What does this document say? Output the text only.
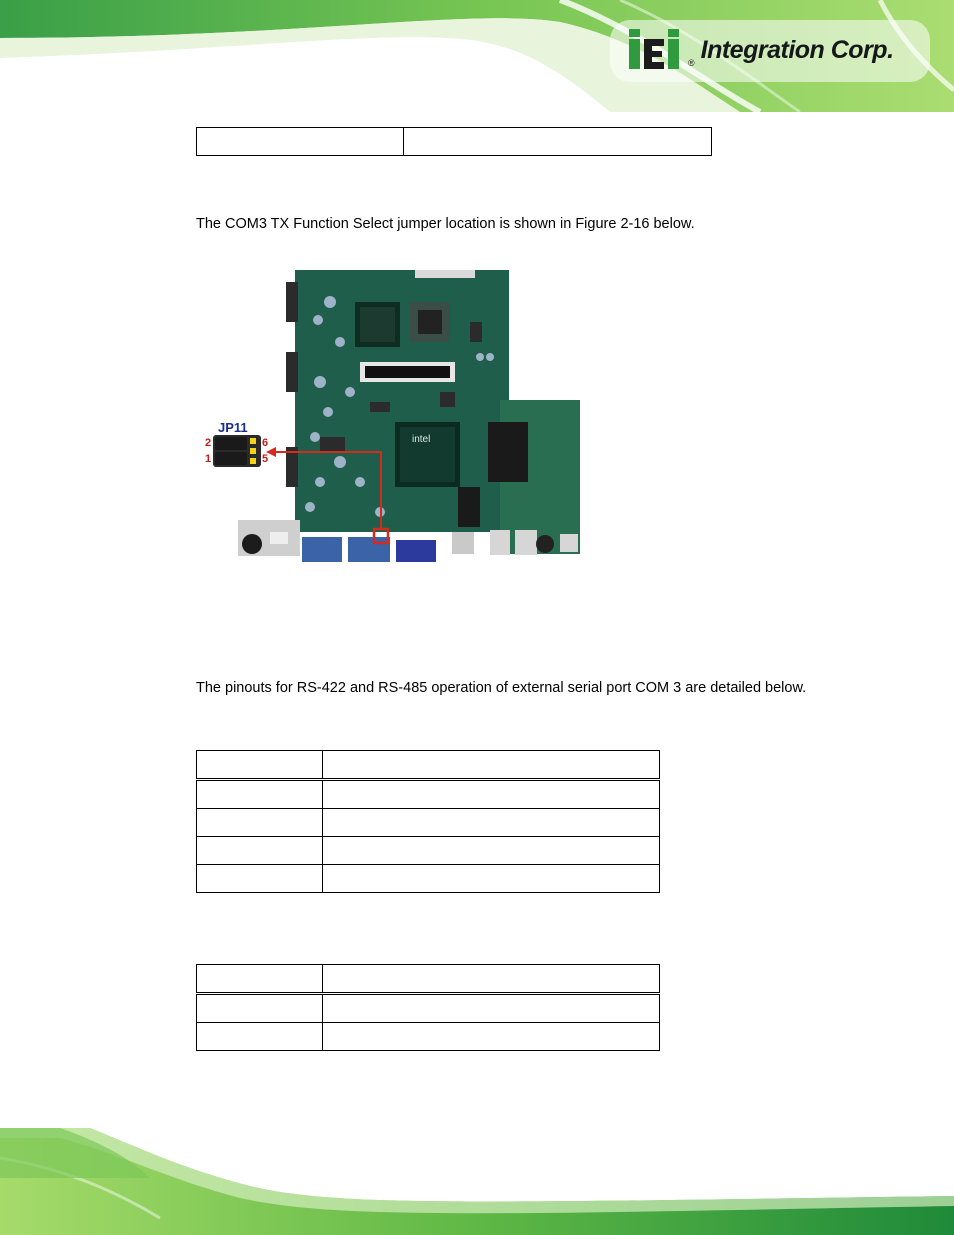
® Integration Corp.

The COM3 TX Function Select jumper location is shown in Figure 2-16 below.

intel
JP11
2
1
6
5

The pinouts for RS-422 and RS-485 operation of external serial port COM 3 are detailed below.
